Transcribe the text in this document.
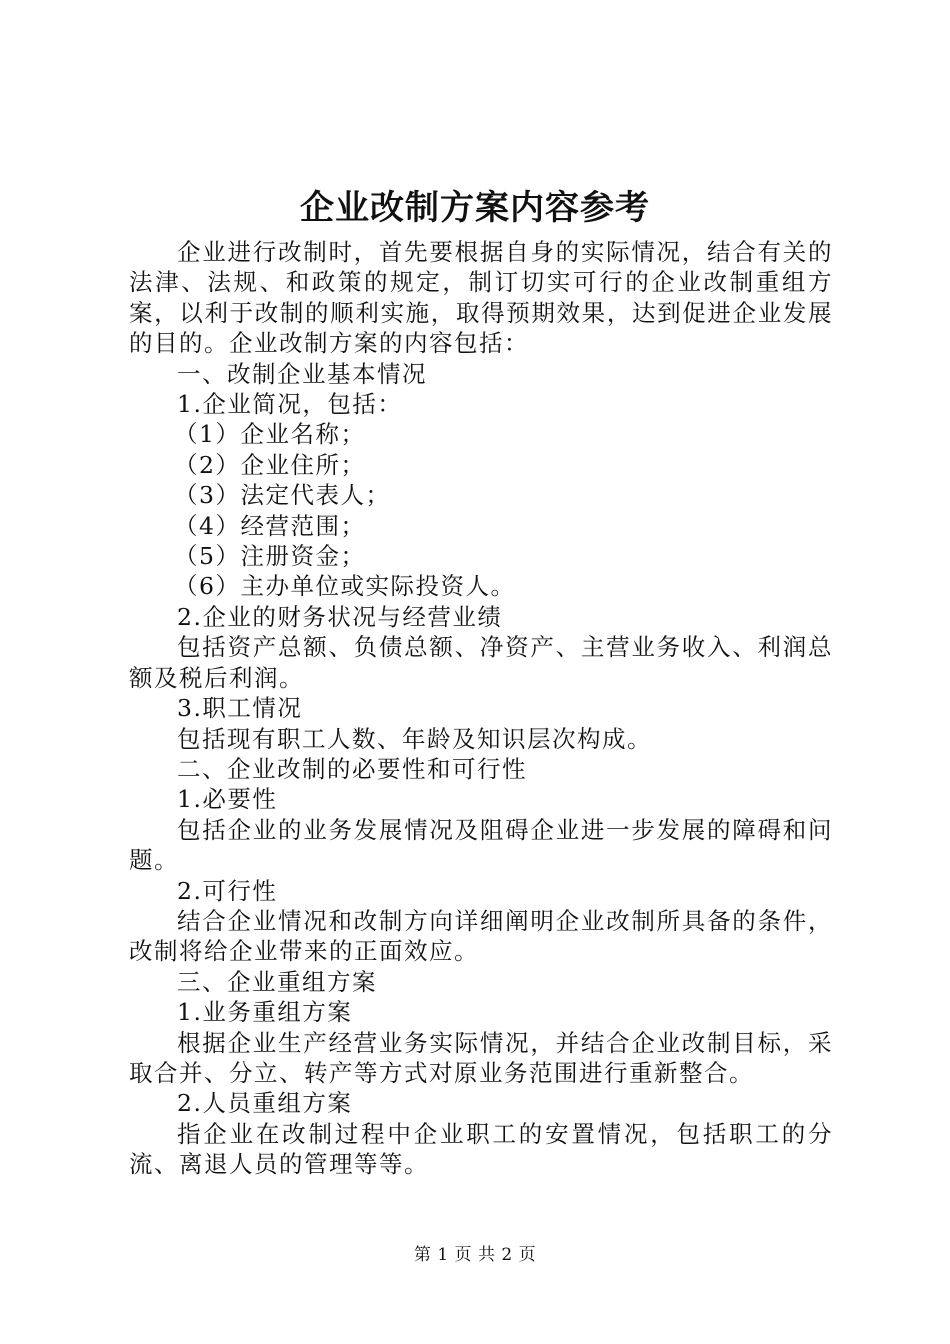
企业改制方案内容参考

企业进行改制时，首先要根据自身的实际情况，结合有关的法津、法规、和政策的规定，制订切实可行的企业改制重组方案，以利于改制的顺利实施，取得预期效果，达到促进企业发展的目的。企业改制方案的内容包括：

一、改制企业基本情况

1.企业简况，包括：

（1）企业名称；

（2）企业住所；

（3）法定代表人；

（4）经营范围；

（5）注册资金；

（6）主办单位或实际投资人。

2.企业的财务状况与经营业绩

包括资产总额、负债总额、净资产、主营业务收入、利润总额及税后利润。

3.职工情况

包括现有职工人数、年龄及知识层次构成。

二、企业改制的必要性和可行性

1.必要性

包括企业的业务发展情况及阻碍企业进一步发展的障碍和问题。

2.可行性

结合企业情况和改制方向详细阐明企业改制所具备的条件，改制将给企业带来的正面效应。

三、企业重组方案

1.业务重组方案

根据企业生产经营业务实际情况，并结合企业改制目标，采取合并、分立、转产等方式对原业务范围进行重新整合。

2.人员重组方案

指企业在改制过程中企业职工的安置情况，包括职工的分流、离退人员的管理等等。

第 1 页 共 2 页
